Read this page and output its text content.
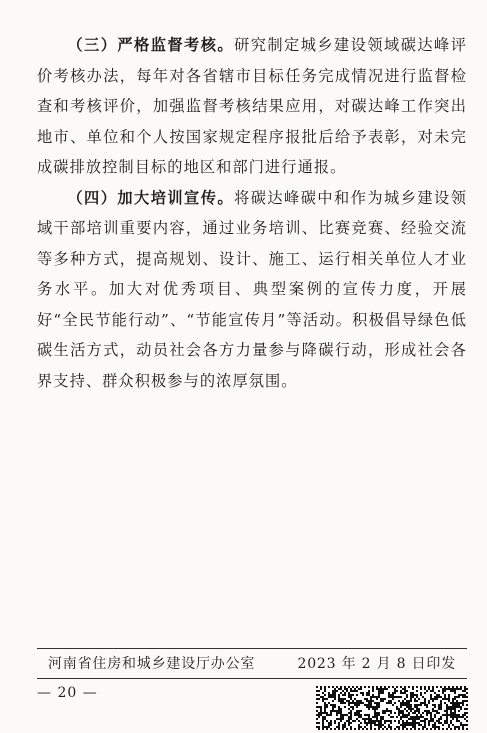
（三）严格监督考核。研究制定城乡建设领域碳达峰评价考核办法，每年对各省辖市目标任务完成情况进行监督检查和考核评价，加强监督考核结果应用，对碳达峰工作突出地市、单位和个人按国家规定程序报批后给予表彰，对未完成碳排放控制目标的地区和部门进行通报。

（四）加大培训宣传。将碳达峰碳中和作为城乡建设领域干部培训重要内容，通过业务培训、比赛竞赛、经验交流等多种方式，提高规划、设计、施工、运行相关单位人才业务水平。加大对优秀项目、典型案例的宣传力度，开展好“全民节能行动”、“节能宣传月”等活动。积极倡导绿色低碳生活方式，动员社会各方力量参与降碳行动，形成社会各界支持、群众积极参与的浓厚氛围。

河南省住房和城乡建设厅办公室	2023 年 2 月 8 日印发
— 20 —
